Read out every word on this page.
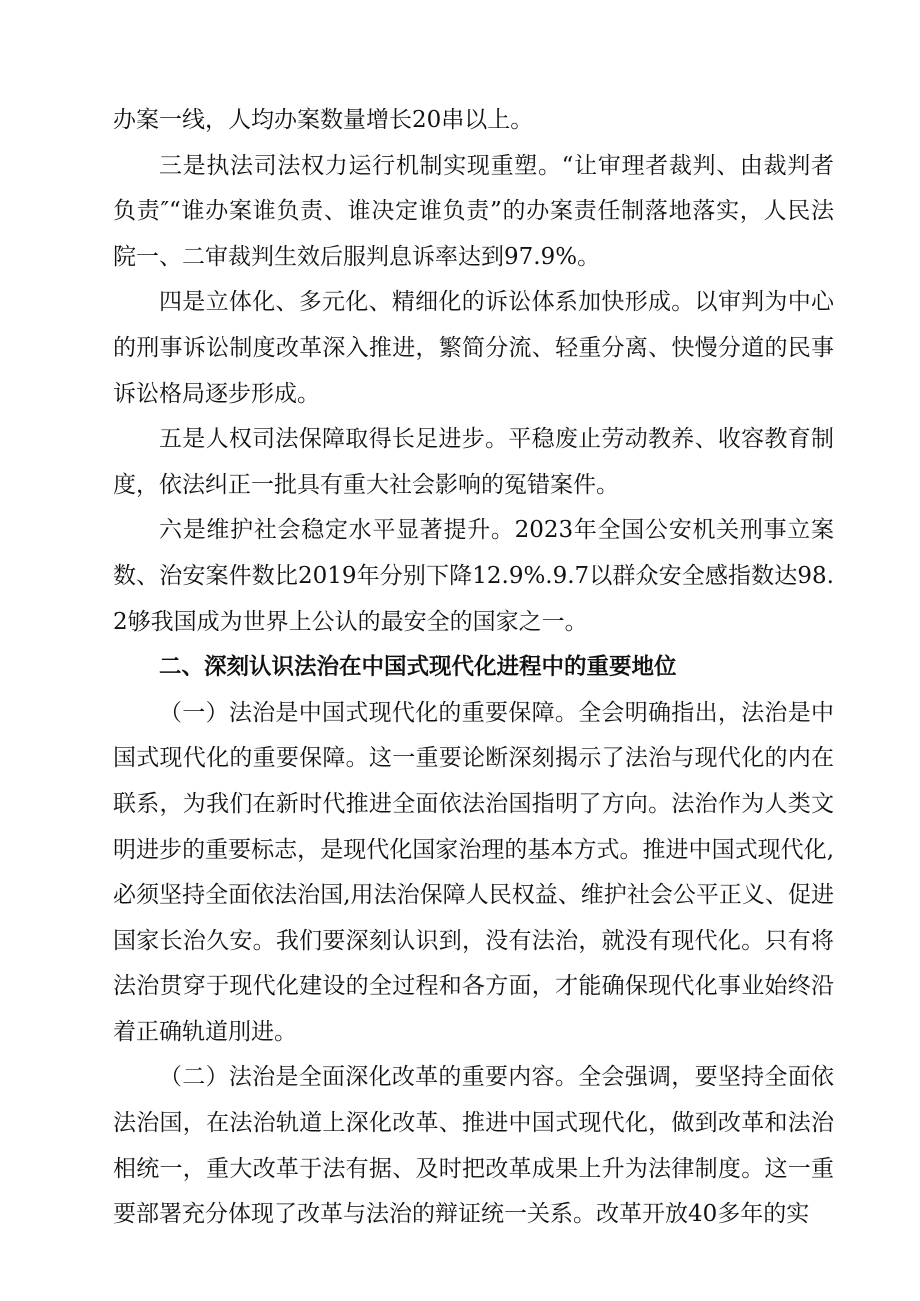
办案一线，人均办案数量增长20串以上。

三是执法司法权力运行机制实现重塑。“让审理者裁判、由裁判者负责″“谁办案谁负责、谁决定谁负责”的办案责任制落地落实，人民法院一、二审裁判生效后服判息诉率达到97.9%。

四是立体化、多元化、精细化的诉讼体系加快形成。以审判为中心的刑事诉讼制度改革深入推进，繁简分流、轻重分离、快慢分道的民事诉讼格局逐步形成。

五是人权司法保障取得长足进步。平稳废止劳动教养、收容教育制度，依法纠正一批具有重大社会影响的冤错案件。

六是维护社会稳定水平显著提升。2023年全国公安机关刑事立案数、治安案件数比2019年分别下降12.9%.9.7以群众安全感指数达98.2够我国成为世界上公认的最安全的国家之一。

二、深刻认识法治在中国式现代化进程中的重要地位

（一）法治是中国式现代化的重要保障。全会明确指出，法治是中国式现代化的重要保障。这一重要论断深刻揭示了法治与现代化的内在联系，为我们在新时代推进全面依法治国指明了方向。法治作为人类文明进步的重要标志，是现代化国家治理的基本方式。推进中国式现代化,必须坚持全面依法治国,用法治保障人民权益、维护社会公平正义、促进国家长治久安。我们要深刻认识到，没有法治，就没有现代化。只有将法治贯穿于现代化建设的全过程和各方面，才能确保现代化事业始终沿着正确轨道刖进。

（二）法治是全面深化改革的重要内容。全会强调，要坚持全面依法治国，在法治轨道上深化改革、推进中国式现代化，做到改革和法治相统一，重大改革于法有据、及时把改革成果上升为法律制度。这一重要部署充分体现了改革与法治的辩证统一关系。改革开放40多年的实
